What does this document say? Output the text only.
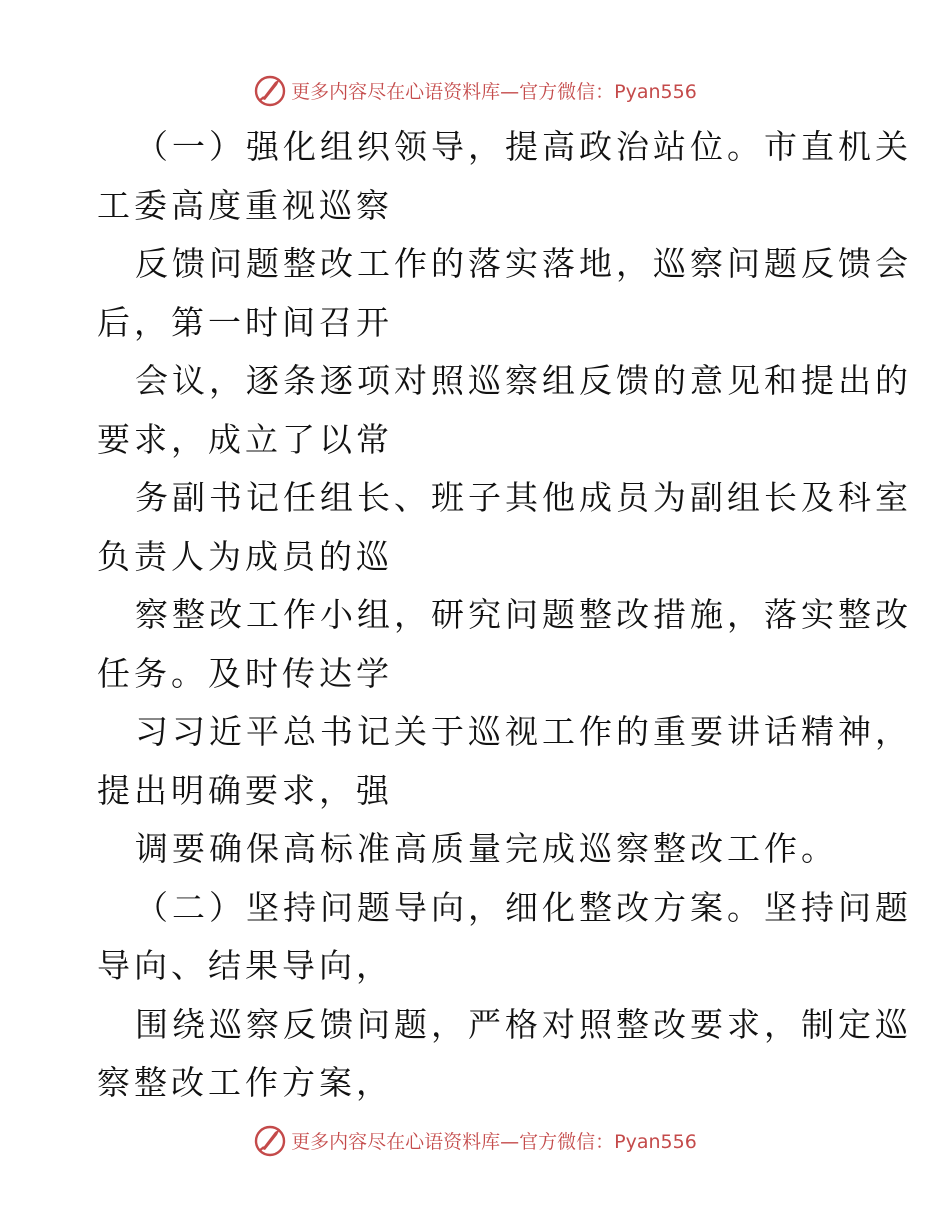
更多内容尽在心语资料库—官方微信：Pyan556

（一）强化组织领导，提高政治站位。市直机关
工委高度重视巡察

反馈问题整改工作的落实落地，巡察问题反馈会
后，第一时间召开

会议，逐条逐项对照巡察组反馈的意见和提出的
要求，成立了以常

务副书记任组长、班子其他成员为副组长及科室
负责人为成员的巡

察整改工作小组，研究问题整改措施，落实整改
任务。及时传达学

习习近平总书记关于巡视工作的重要讲话精神，
提出明确要求，强

调要确保高标准高质量完成巡察整改工作。

（二）坚持问题导向，细化整改方案。坚持问题
导向、结果导向，

围绕巡察反馈问题，严格对照整改要求，制定巡
察整改工作方案，

更多内容尽在心语资料库—官方微信：Pyan556
